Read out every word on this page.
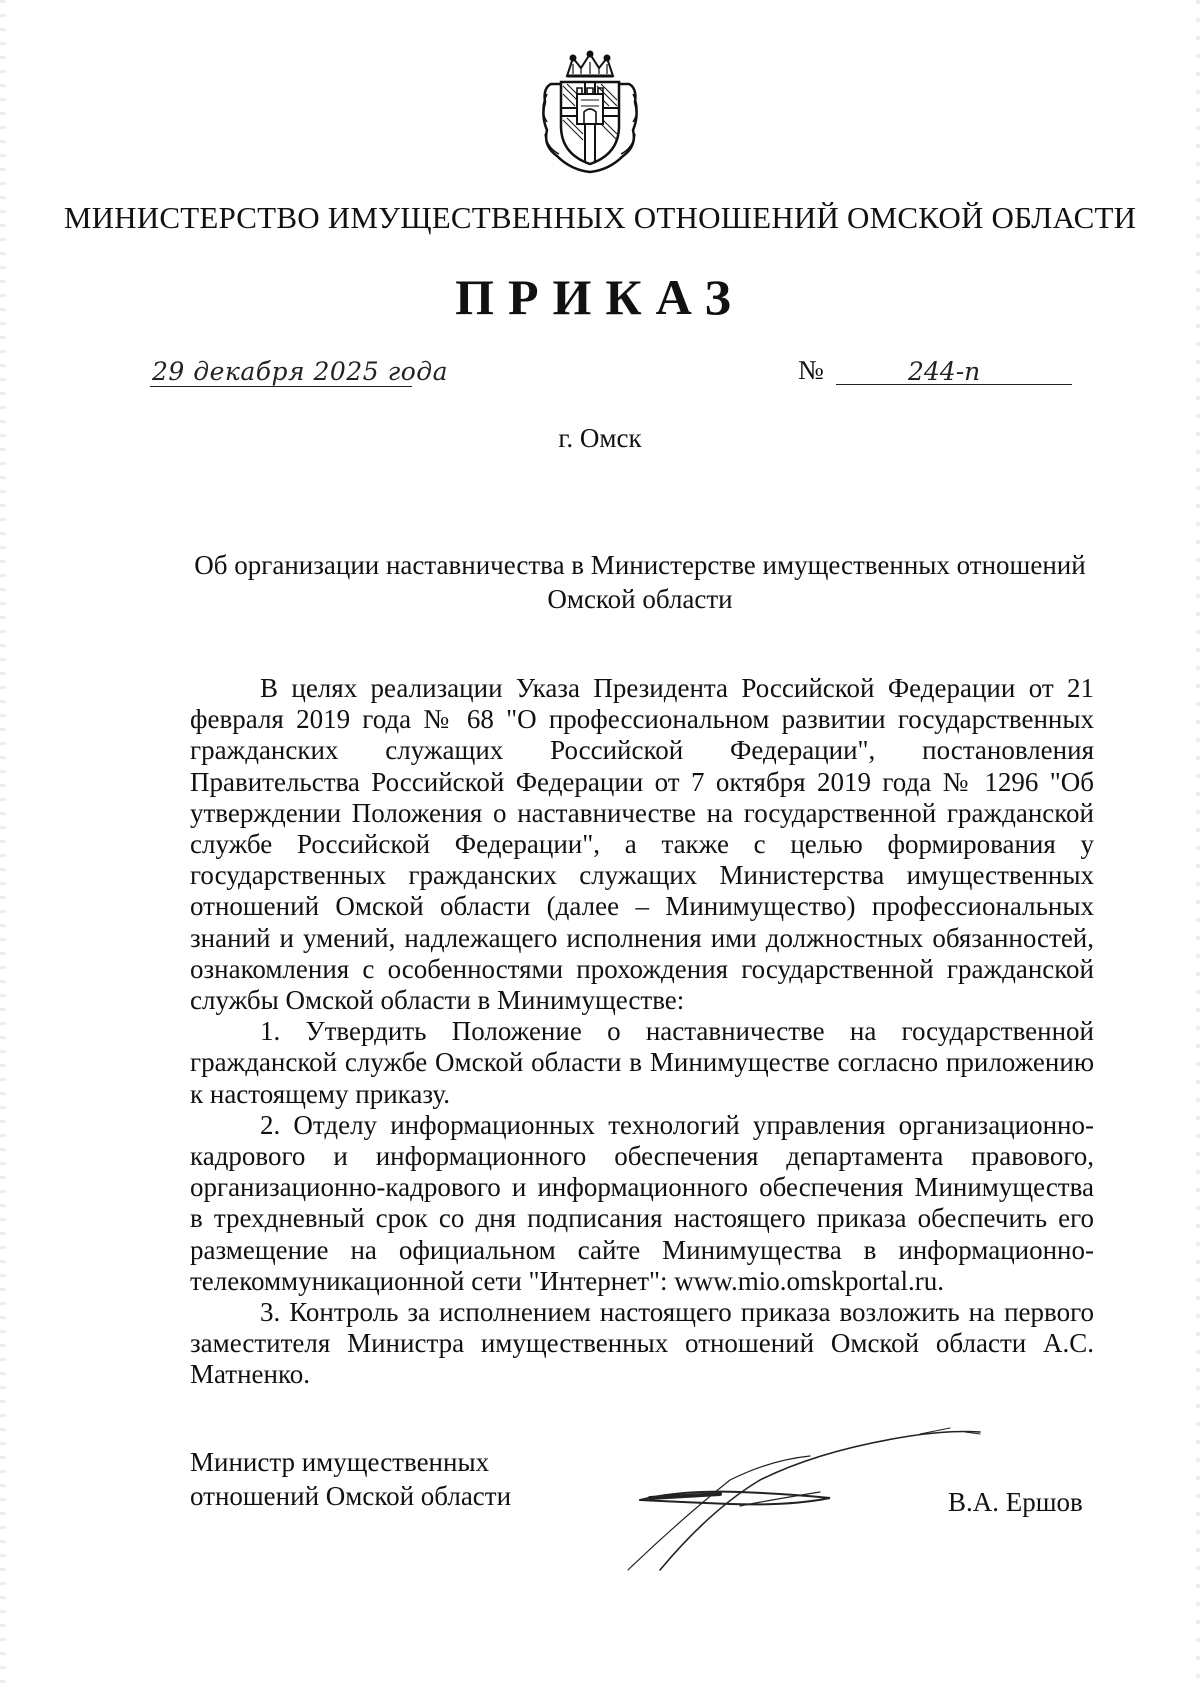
МИНИСТЕРСТВО ИМУЩЕСТВЕННЫХ ОТНОШЕНИЙ ОМСКОЙ ОБЛАСТИ
ПРИКАЗ
29 декабря 2025 года	№	244-п
г. Омск
Об организации наставничества в Министерстве имущественных отношений
Омской области

В целях реализации Указа Президента Российской Федерации от 21 февраля 2019 года № 68 "О профессиональном развитии государственных гражданских служащих Российской Федерации", постановления Правительства Российской Федерации от 7 октября 2019 года № 1296 "Об утверждении Положения о наставничестве на государственной гражданской службе Российской Федерации", а также с целью формирования у государственных гражданских служащих Министерства имущественных отношений Омской области (далее – Минимущество) профессиональных знаний и умений, надлежащего исполнения ими должностных обязанностей, ознакомления с особенностями прохождения государственной гражданской службы Омской области в Минимуществе:

1. Утвердить Положение о наставничестве на государственной гражданской службе Омской области в Минимуществе согласно приложению к настоящему приказу.

2. Отделу информационных технологий управления организационно-кадрового и информационного обеспечения департамента правового, организационно-кадрового и информационного обеспечения Минимущества в трехдневный срок со дня подписания настоящего приказа обеспечить его размещение на официальном сайте Минимущества в информационно-телекоммуникационной сети "Интернет": www.mio.omskportal.ru.

3. Контроль за исполнением настоящего приказа возложить на первого заместителя Министра имущественных отношений Омской области А.С. Матненко.

Министр имущественных
отношений Омской области	В.А. Ершов
